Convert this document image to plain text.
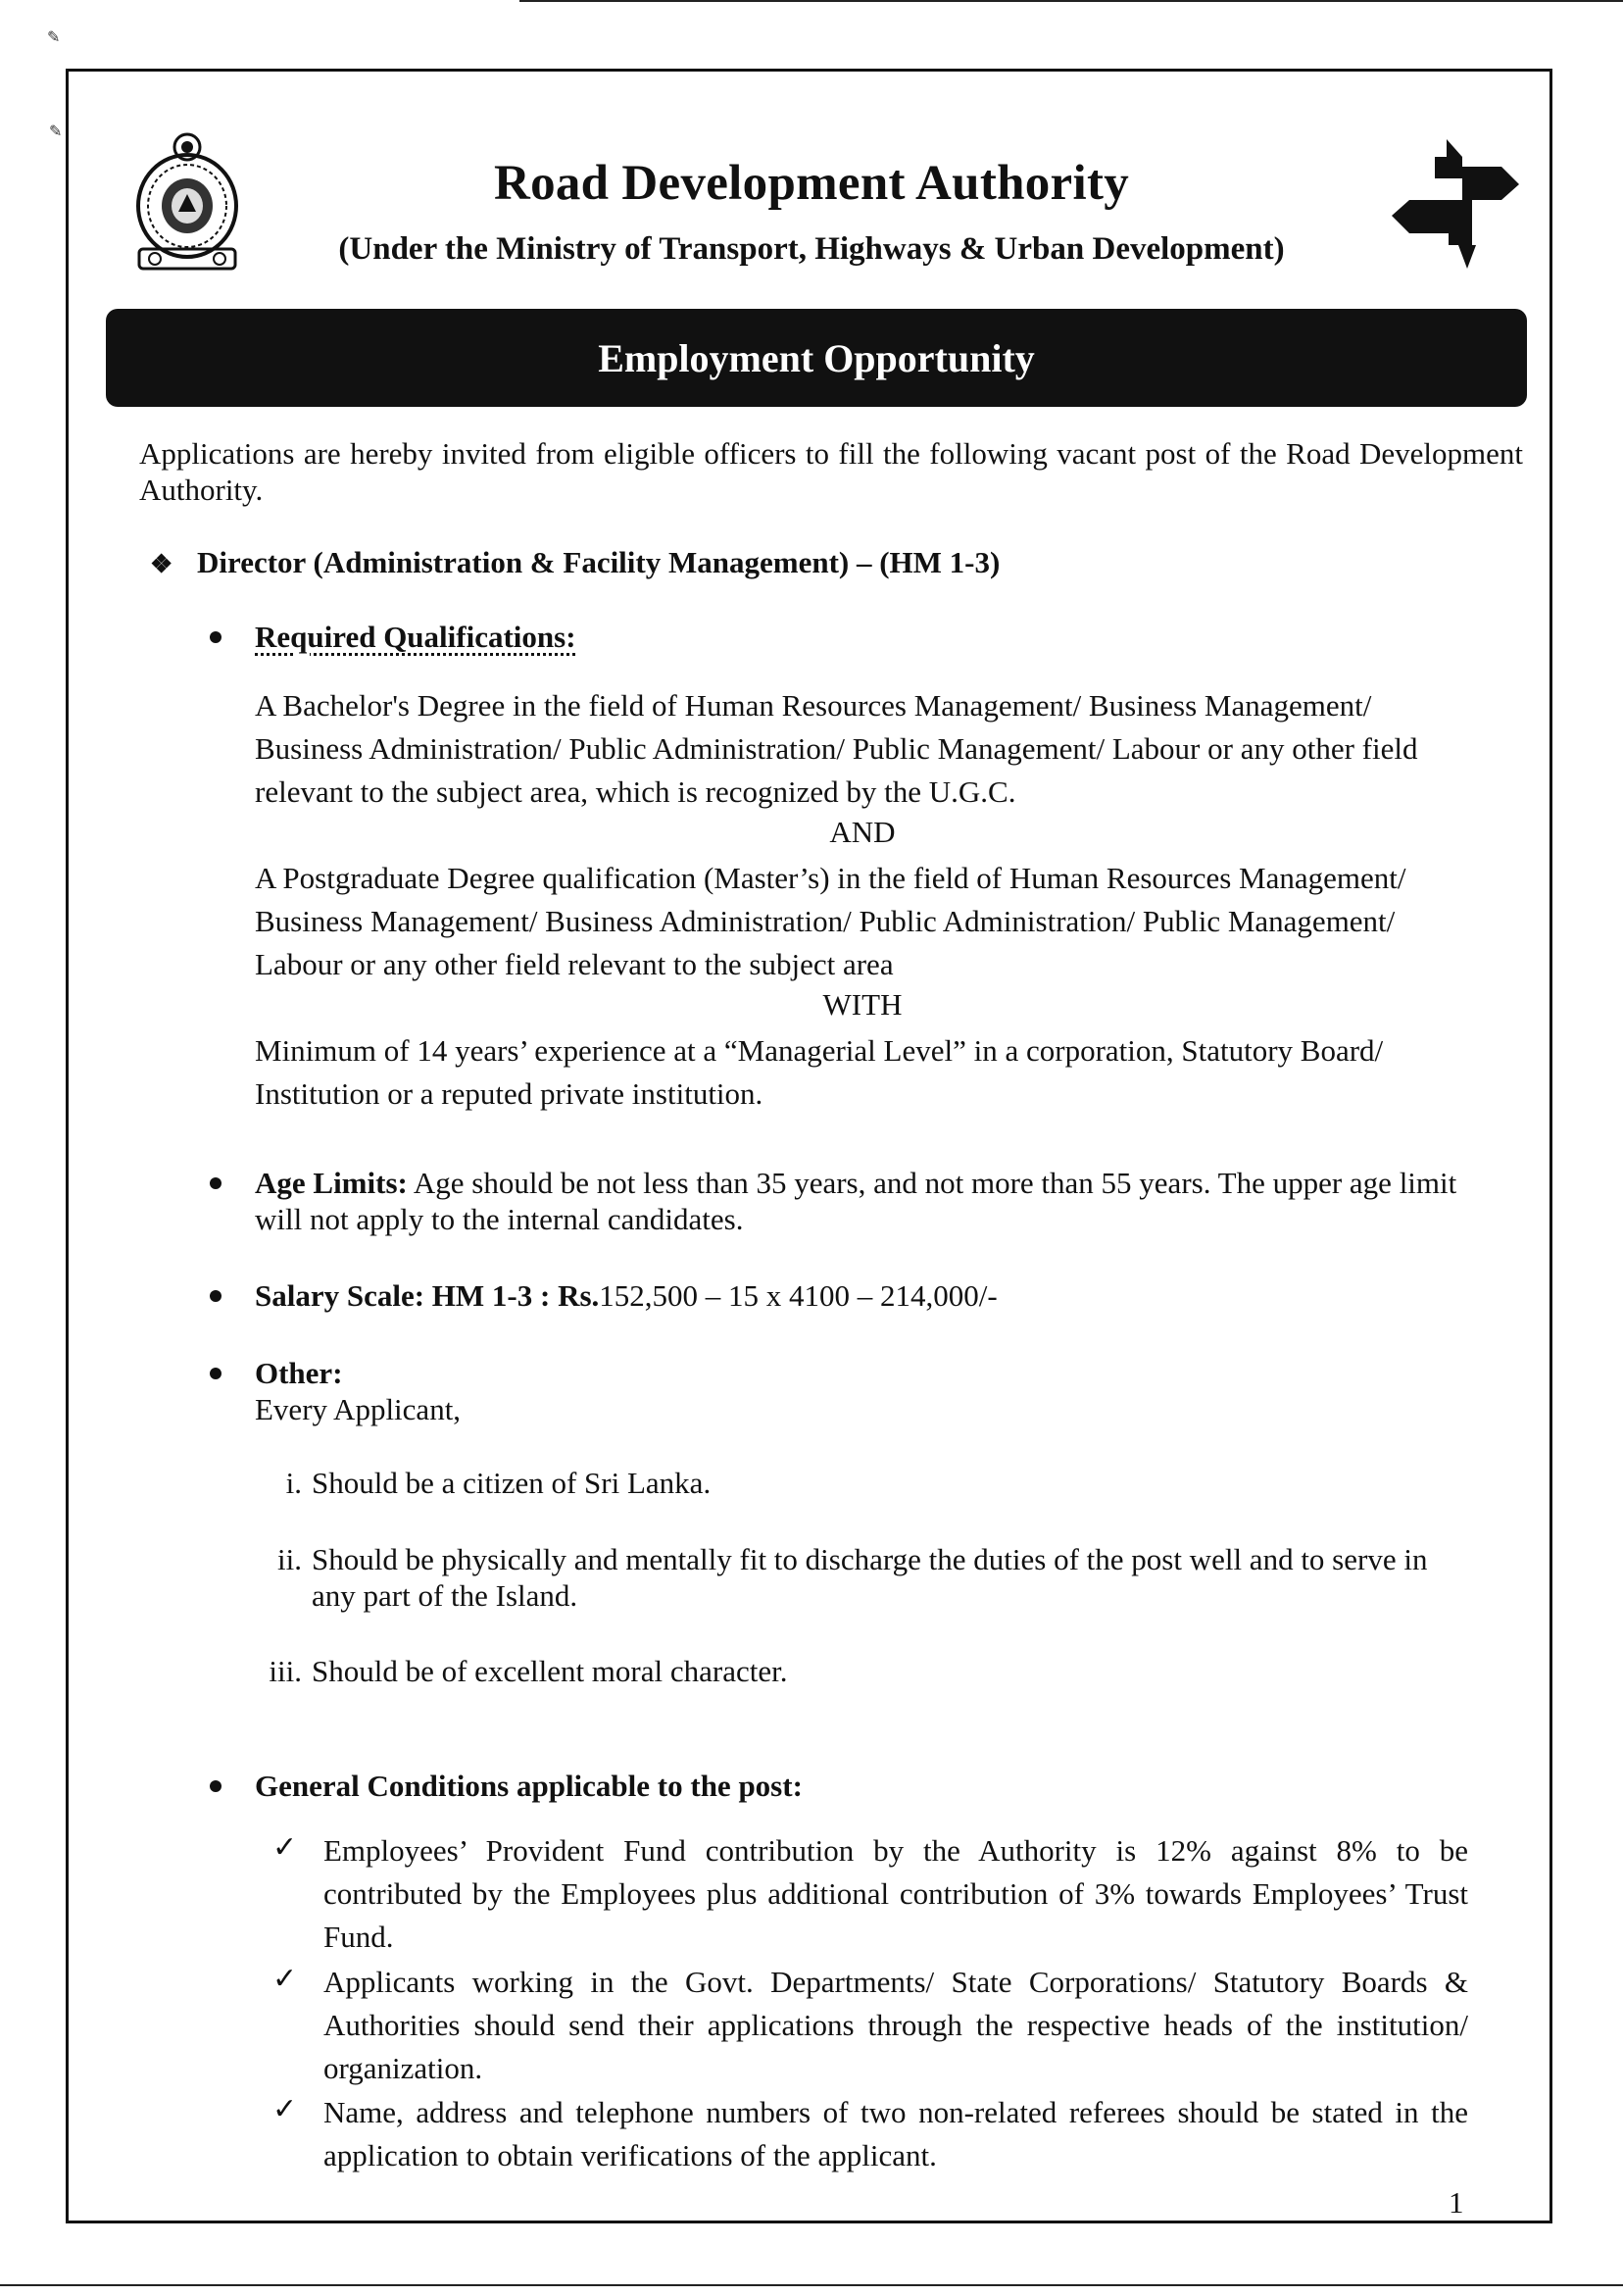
✎
✎
Road Development Authority
(Under the Ministry of Transport, Highways & Urban Development)
Employment Opportunity
Applications are hereby invited from eligible officers to fill the following vacant post of the Road Development Authority.
❖ Director (Administration & Facility Management) – (HM 1-3)
Required Qualifications:
A Bachelor's Degree in the field of Human Resources Management/ Business Management/ Business Administration/ Public Administration/ Public Management/ Labour or any other field relevant to the subject area, which is recognized by the U.G.C.
AND
A Postgraduate Degree qualification (Master’s) in the field of Human Resources Management/ Business Management/ Business Administration/ Public Administration/ Public Management/ Labour or any other field relevant to the subject area
WITH
Minimum of 14 years’ experience at a “Managerial Level” in a corporation, Statutory Board/ Institution or a reputed private institution.
Age Limits: Age should be not less than 35 years, and not more than 55 years. The upper age limit will not apply to the internal candidates.
Salary Scale: HM 1-3 : Rs.152,500 – 15 x 4100 – 214,000/-
Other:
Every Applicant,
i. Should be a citizen of Sri Lanka.
ii. Should be physically and mentally fit to discharge the duties of the post well and to serve in any part of the Island.
iii. Should be of excellent moral character.
General Conditions applicable to the post:
✓ Employees’ Provident Fund contribution by the Authority is 12% against 8% to be contributed by the Employees plus additional contribution of 3% towards Employees’ Trust Fund.
✓ Applicants working in the Govt. Departments/ State Corporations/ Statutory Boards & Authorities should send their applications through the respective heads of the institution/ organization.
✓ Name, address and telephone numbers of two non-related referees should be stated in the application to obtain verifications of the applicant.
1
